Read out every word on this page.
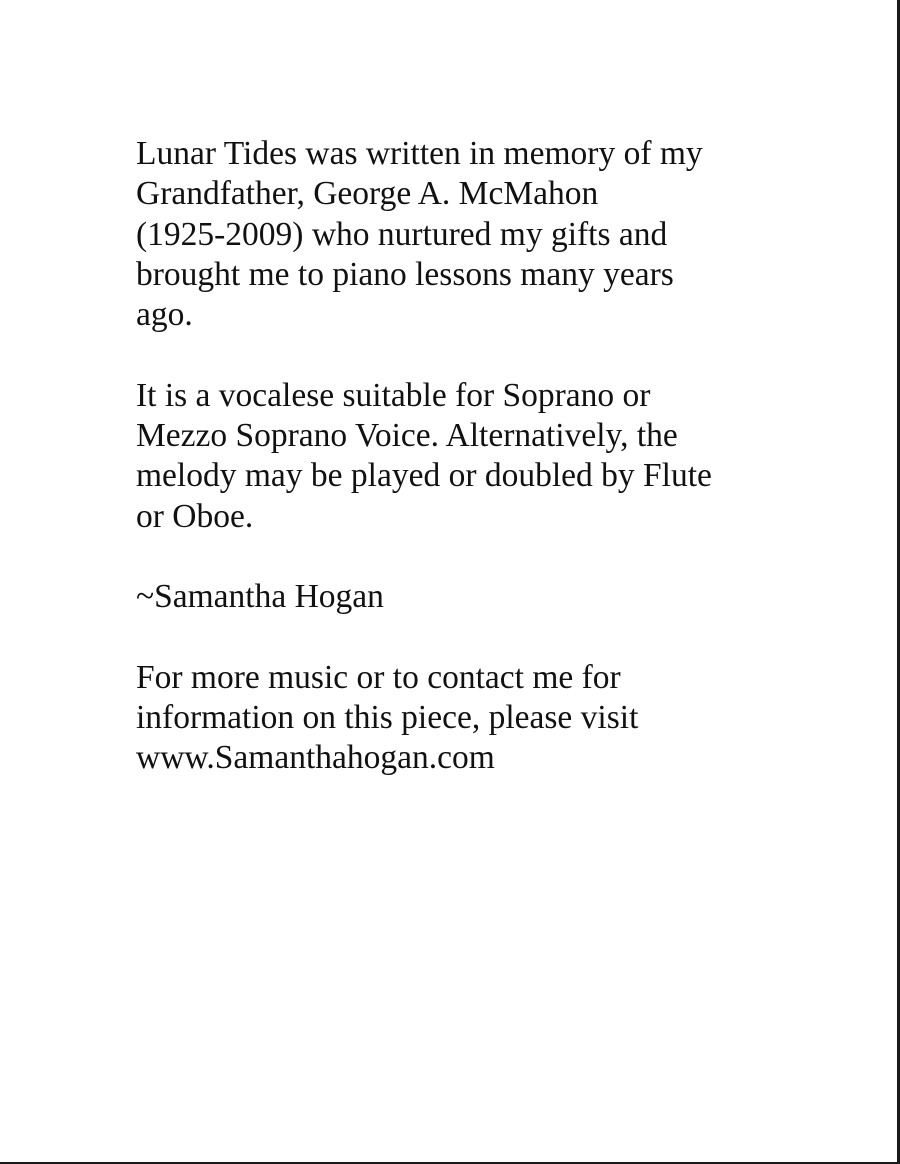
Lunar Tides was written in memory of my
Grandfather, George A. McMahon
(1925-2009) who nurtured my gifts and
brought me to piano lessons many years
ago.

It is a vocalese suitable for Soprano or
Mezzo Soprano Voice. Alternatively, the
melody may be played or doubled by Flute
or Oboe.

~Samantha Hogan

For more music or to contact me for
information on this piece, please visit
www.Samanthahogan.com
